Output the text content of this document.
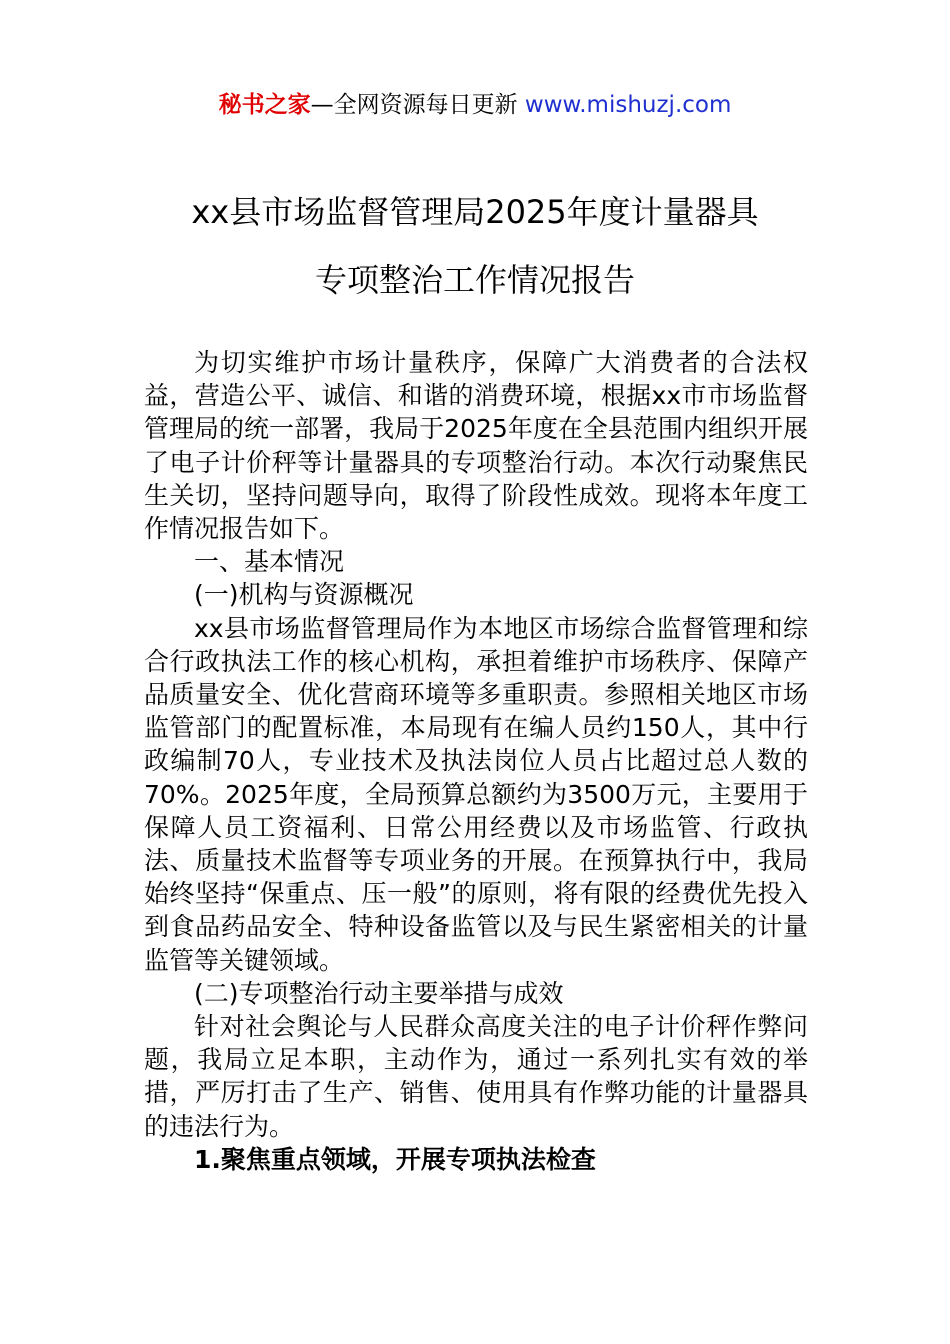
秘书之家—全网资源每日更新 www.mishuzj.com
xx县市场监督管理局2025年度计量器具
专项整治工作情况报告

为切实维护市场计量秩序，保障广大消费者的合法权益，营造公平、诚信、和谐的消费环境，根据xx市市场监督管理局的统一部署，我局于2025年度在全县范围内组织开展了电子计价秤等计量器具的专项整治行动。本次行动聚焦民生关切，坚持问题导向，取得了阶段性成效。现将本年度工作情况报告如下。

一、基本情况

(一)机构与资源概况

xx县市场监督管理局作为本地区市场综合监督管理和综合行政执法工作的核心机构，承担着维护市场秩序、保障产品质量安全、优化营商环境等多重职责。参照相关地区市场监管部门的配置标准，本局现有在编人员约150人，其中行政编制70人，专业技术及执法岗位人员占比超过总人数的70%。2025年度，全局预算总额约为3500万元，主要用于保障人员工资福利、日常公用经费以及市场监管、行政执法、质量技术监督等专项业务的开展。在预算执行中，我局始终坚持“保重点、压一般”的原则，将有限的经费优先投入到食品药品安全、特种设备监管以及与民生紧密相关的计量监管等关键领域。

(二)专项整治行动主要举措与成效

针对社会舆论与人民群众高度关注的电子计价秤作弊问题，我局立足本职，主动作为，通过一系列扎实有效的举措，严厉打击了生产、销售、使用具有作弊功能的计量器具的违法行为。

1.聚焦重点领域，开展专项执法检查
